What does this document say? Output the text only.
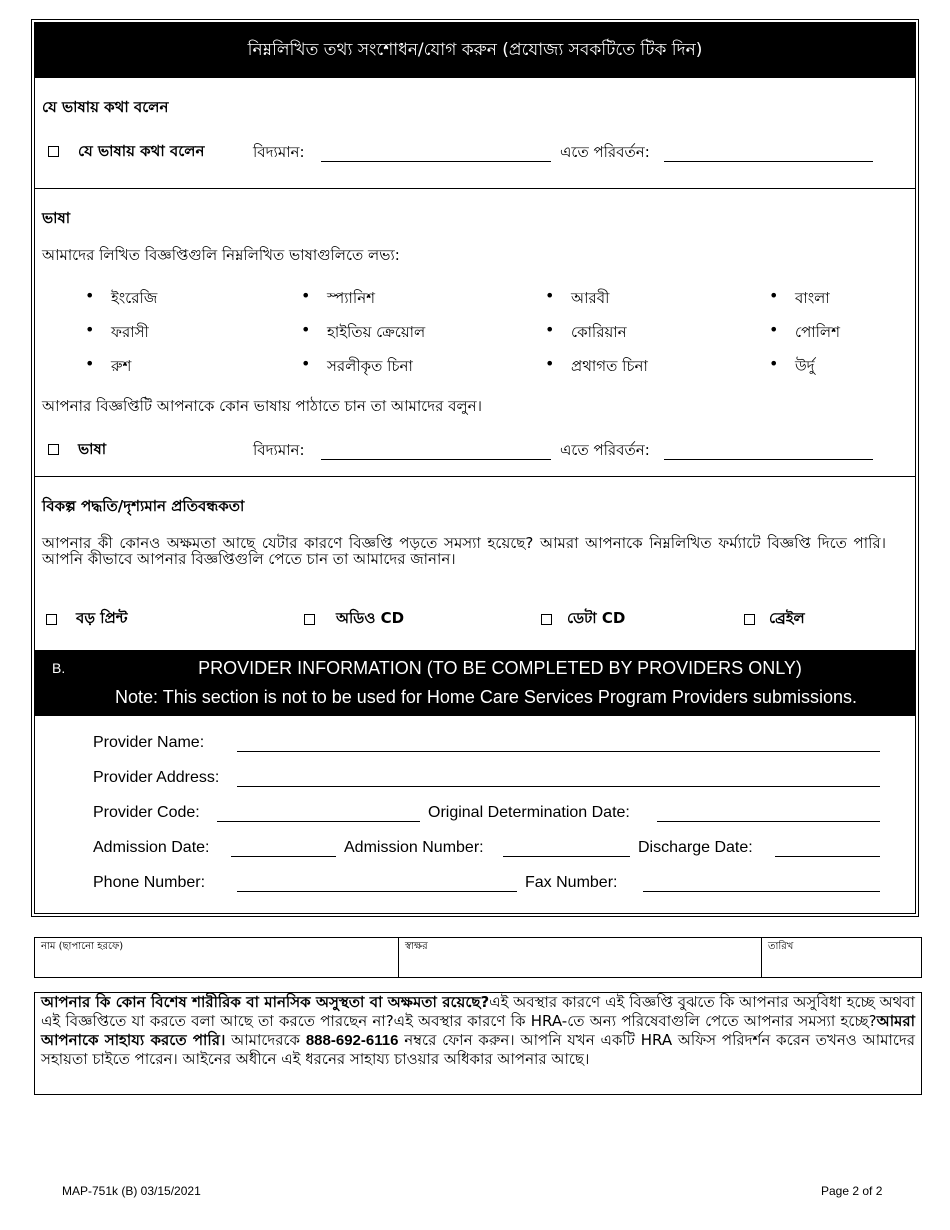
নিম্নলিখিত তথ্য সংশোধন/যোগ করুন (প্রযোজ্য সবকটিতে টিক দিন)
যে ভাষায় কথা বলেন
যে ভাষায় কথা বলেন	বিদ্যমান:	এতে পরিবর্তন:
ভাষা
আমাদের লিখিত বিজ্ঞপ্তিগুলি নিম্নলিখিত ভাষাগুলিতে লভ্য:
• ইংরেজি	• স্প্যানিশ	• আরবী	• বাংলা
• ফরাসী	• হাইতিয় ক্রেয়োল	• কোরিয়ান	• পোলিশ
• রুশ	• সরলীকৃত চিনা	• প্রথাগত চিনা	• উর্দু
আপনার বিজ্ঞপ্তিটি আপনাকে কোন ভাষায় পাঠাতে চান তা আমাদের বলুন।
ভাষা	বিদ্যমান:	এতে পরিবর্তন:
বিকল্প পদ্ধতি/দৃশ্যমান প্রতিবন্ধকতা
আপনার কী কোনও অক্ষমতা আছে যেটার কারণে বিজ্ঞপ্তি পড়তে সমস্যা হয়েছে? আমরা আপনাকে নিম্নলিখিত ফর্ম্যাটে বিজ্ঞপ্তি দিতে পারি। আপনি কীভাবে আপনার বিজ্ঞপ্তিগুলি পেতে চান তা আমাদের জানান।
বড় প্রিন্ট	অডিও CD	ডেটা CD	ব্রেইল
B.	PROVIDER INFORMATION (TO BE COMPLETED BY PROVIDERS ONLY)
Note: This section is not to be used for Home Care Services Program Providers submissions.
Provider Name:
Provider Address:
Provider Code:	Original Determination Date:
Admission Date:	Admission Number:	Discharge Date:
Phone Number:	Fax Number:
নাম (ছাপানো হরফে)	স্বাক্ষর	তারিখ
আপনার কি কোন বিশেষ শারীরিক বা মানসিক অসুস্থতা বা অক্ষমতা রয়েছে?এই অবস্থার কারণে এই বিজ্ঞপ্তি বুঝতে কি আপনার অসুবিধা হচ্ছে অথবা এই বিজ্ঞপ্তিতে যা করতে বলা আছে তা করতে পারছেন না?এই অবস্থার কারণে কি HRA-তে অন্য পরিষেবাগুলি পেতে আপনার সমস্যা হচ্ছে?আমরা আপনাকে সাহায্য করতে পারি। আমাদেরকে 888-692-6116 নম্বরে ফোন করুন। আপনি যখন একটি HRA অফিস পরিদর্শন করেন তখনও আমাদের সহায়তা চাইতে পারেন। আইনের অধীনে এই ধরনের সাহায্য চাওয়ার অধিকার আপনার আছে।
MAP-751k (B) 03/15/2021	Page 2 of 2
